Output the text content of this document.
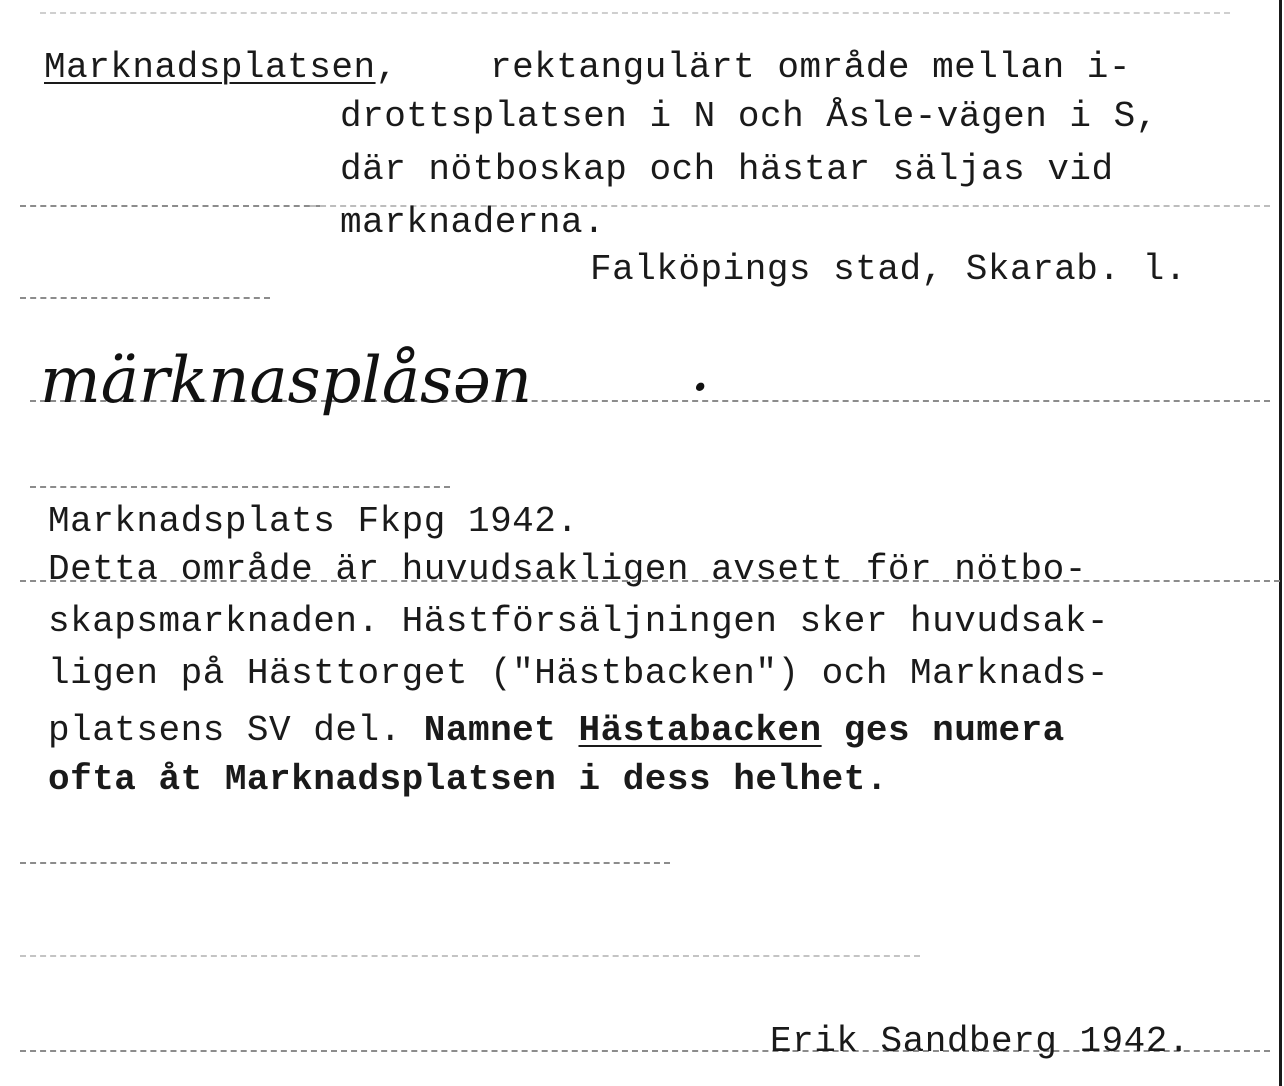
Marknadsplatsen,	rektangulärt område mellan i-
drottsplatsen i N och Åsle-vägen i S,
där nötboskap och hästar säljas vid
marknaderna.
Falköpings stad, Skarab. l.
märknasplåsən .
Marknadsplats Fkpg 1942.
Detta område är huvudsakligen avsett för nötbo-
skapsmarknaden. Hästförsäljningen sker huvudsak-
ligen på Hästtorget ("Hästbacken") och Marknads-
platsens SV del. Namnet Hästabacken ges numera
ofta åt Marknadsplatsen i dess helhet.
Erik Sandberg 1942.
